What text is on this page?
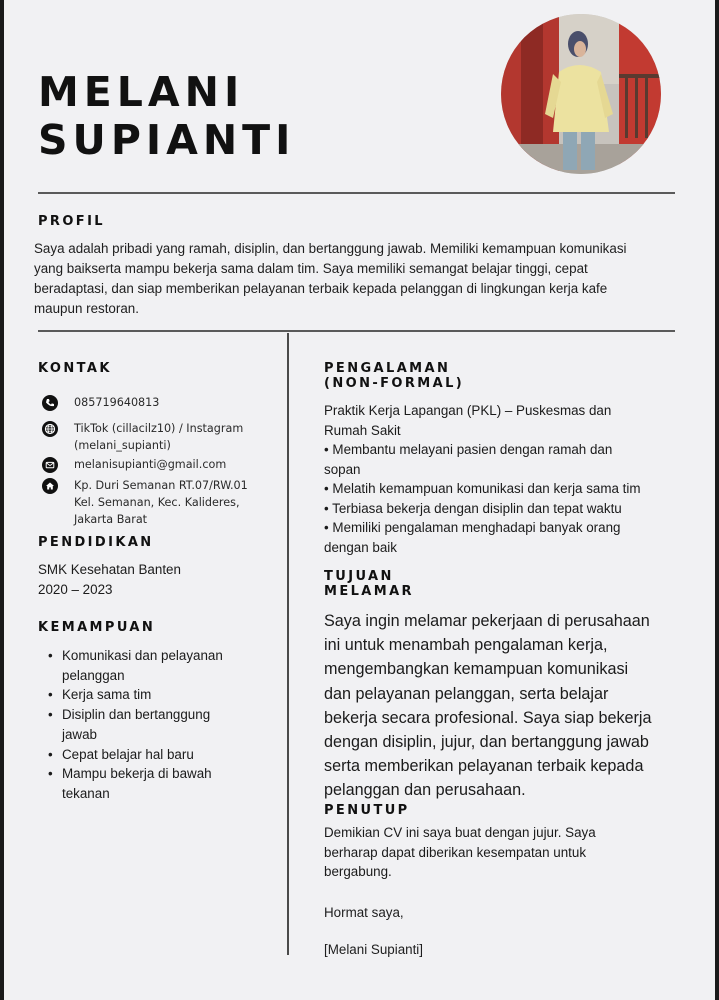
MELANI
SUPIANTI
PROFIL
Saya adalah pribadi yang ramah, disiplin, dan bertanggung jawab. Memiliki kemampuan komunikasi
yang baikserta mampu bekerja sama dalam tim. Saya memiliki semangat belajar tinggi, cepat
beradaptasi, dan siap memberikan pelayanan terbaik kepada pelanggan di lingkungan kerja kafe
maupun restoran.
KONTAK
085719640813
TikTok (cillacilz10) / Instagram
(melani_supianti)
melanisupianti@gmail.com
Kp. Duri Semanan RT.07/RW.01
Kel. Semanan, Kec. Kalideres,
Jakarta Barat
PENDIDIKAN
SMK Kesehatan Banten
2020 – 2023
KEMAMPUAN
• Komunikasi dan pelayanan
pelanggan
• Kerja sama tim
• Disiplin dan bertanggung
jawab
• Cepat belajar hal baru
• Mampu bekerja di bawah
tekanan
PENGALAMAN
(NON-FORMAL)
Praktik Kerja Lapangan (PKL) – Puskesmas dan
Rumah Sakit
• Membantu melayani pasien dengan ramah dan
sopan
• Melatih kemampuan komunikasi dan kerja sama tim
• Terbiasa bekerja dengan disiplin dan tepat waktu
• Memiliki pengalaman menghadapi banyak orang
dengan baik
TUJUAN
MELAMAR
Saya ingin melamar pekerjaan di perusahaan
ini untuk menambah pengalaman kerja,
mengembangkan kemampuan komunikasi
dan pelayanan pelanggan, serta belajar
bekerja secara profesional. Saya siap bekerja
dengan disiplin, jujur, dan bertanggung jawab
serta memberikan pelayanan terbaik kepada
pelanggan dan perusahaan.
PENUTUP
Demikian CV ini saya buat dengan jujur. Saya
berharap dapat diberikan kesempatan untuk
bergabung.
Hormat saya,
[Melani Supianti]
